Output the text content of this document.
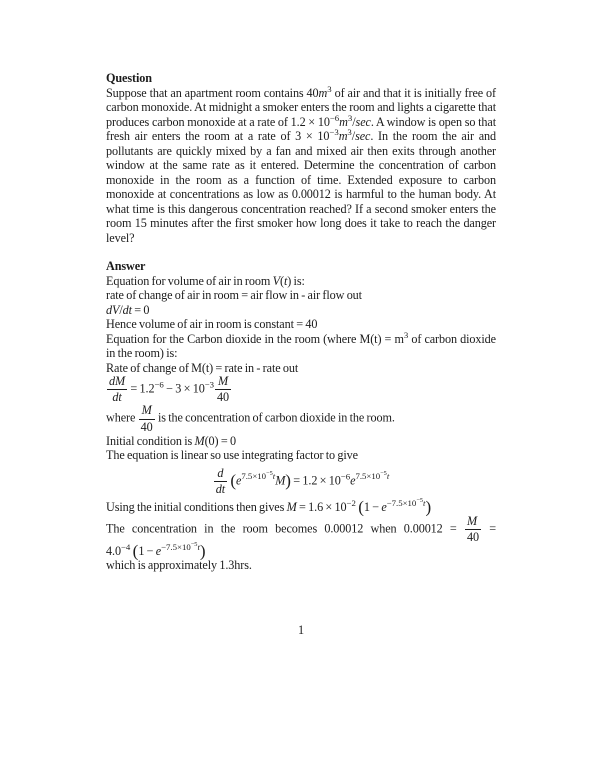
Question
Suppose that an apartment room contains $40m^3$ of air and that it is initially free of carbon monoxide. At midnight a smoker enters the room and lights a cigarette that produces carbon monoxide at a rate of $1.2 \times 10^{-6}m^3/\sec$. A window is open so that fresh air enters the room at a rate of $3 \times 10^{-3}m^3/\sec$. In the room the air and pollutants are quickly mixed by a fan and mixed air then exits through another window at the same rate as it entered. Determine the concentration of carbon monoxide in the room as a function of time. Extended exposure to carbon monoxide at concentrations as low as 0.00012 is harmful to the human body. At what time is this dangerous concentration reached? If a second smoker enters the room 15 minutes after the first smoker how long does it take to reach the danger level?
Answer
Equation for volume of air in room V(t) is:
rate of change of air in room = air flow in - air flow out
dV/dt = 0
Hence volume of air in room is constant = 40
Equation for the Carbon dioxide in the room (where $M(t) = m^3$ of carbon dioxide in the room) is:
Rate of change of M(t) = rate in - rate out
$\frac{dM}{dt} = 1.2^{-6} - 3 \times 10^{-3} \frac{M}{40}$
where $\frac{M}{40}$ is the concentration of carbon dioxide in the room.
Initial condition is M(0) = 0
The equation is linear so use integrating factor to give
$\frac{d}{dt} (e^{7.5\times 10^{-5}t}M) = 1.2 \times 10^{-6}e^{7.5\times 10^{-5}t}$
Using the initial conditions then gives $M = 1.6 \times 10^{-2}$ $(1 - e^{-7.5\times 10^{-5}t})$
The concentration in the room becomes 0.00012 when $0.00012 = \frac{M}{40}$ =
$4.0^{-4}$ $(1 - e^{-7.5\times 10^{-5}t})$
which is approximately 1.3hrs.
1
